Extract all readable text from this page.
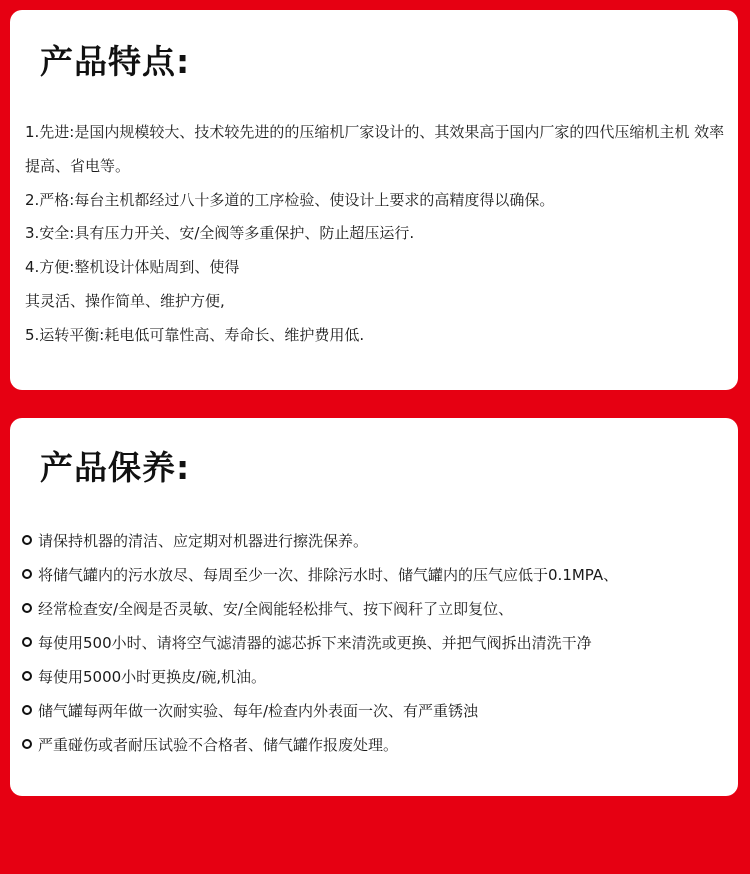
产品特点:
1.先进:是国内规模较大、技术较先进的的压缩机厂家设计的、其效果高于国内厂家的四代压缩机主机 效率提高、省电等。
2.严格:每台主机都经过八十多道的工序检验、使设计上要求的高精度得以确保。
3.安全:具有压力开关、安/全阀等多重保护、防止超压运行.
4.方便:整机设计体贴周到、使得
其灵活、操作简单、维护方便,
5.运转平衡:耗电低可靠性高、寿命长、维护费用低.
产品保养:
请保持机器的清洁、应定期对机器进行擦洗保养。
将储气罐内的污水放尽、每周至少一次、排除污水时、储气罐内的压气应低于0.1MPA、
经常检查安/全阀是否灵敏、安/全阀能轻松排气、按下阀秆了立即复位、
每使用500小时、请将空气滤清器的滤芯拆下来清洗或更换、并把气阀拆出清洗干净
每使用5000小时更换皮/碗,机油。
储气罐每两年做一次耐实验、每年/检查内外表面一次、有严重锈浊
严重碰伤或者耐压试验不合格者、储气罐作报废处理。
